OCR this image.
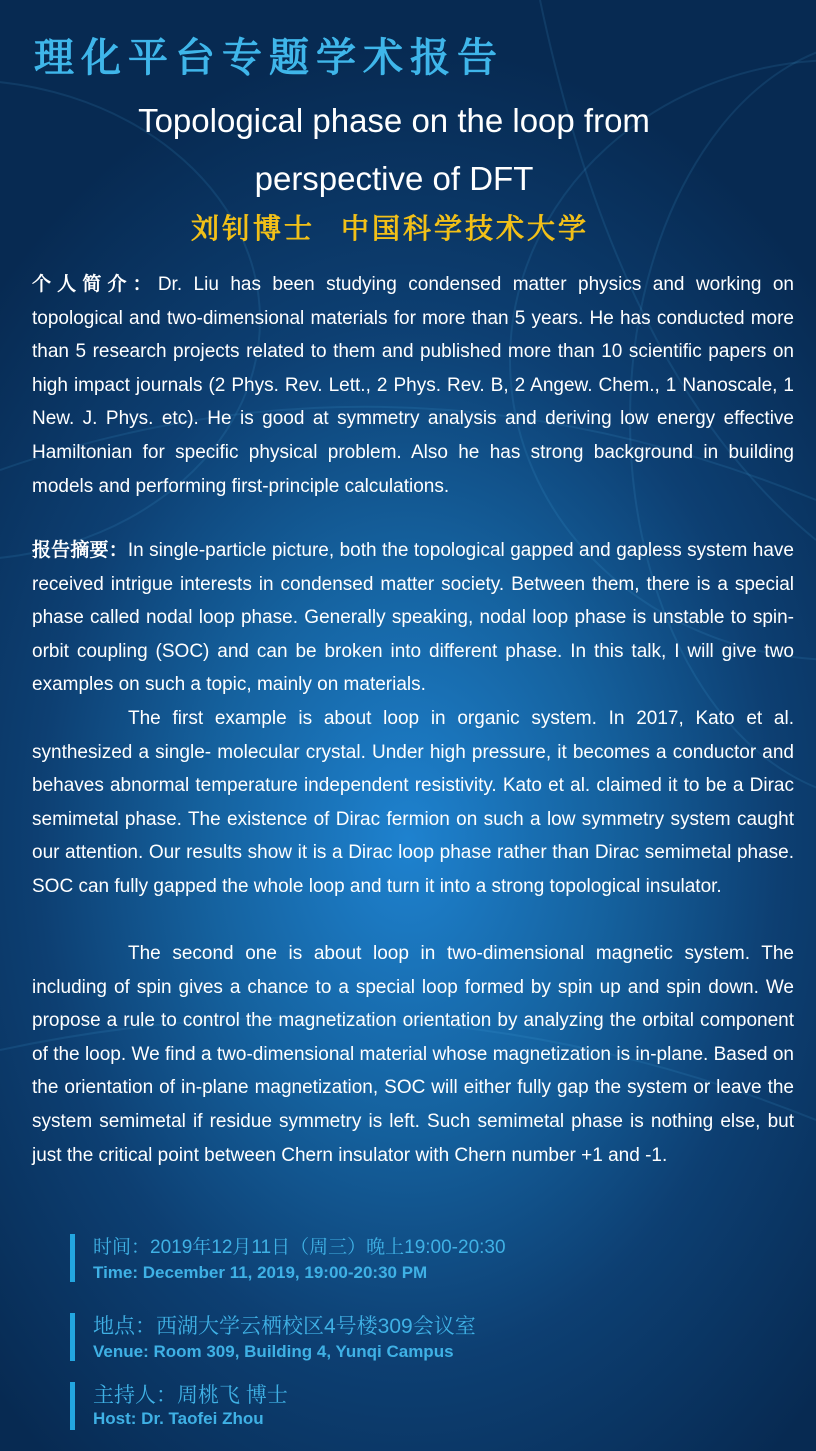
理化平台专题学术报告
Topological phase on the loop from
perspective of DFT
刘钊博士 中国科学技术大学

个人简介：Dr. Liu has been studying condensed matter physics and working on topological and two-dimensional materials for more than 5 years. He has conducted more than 5 research projects related to them and published more than 10 scientific papers on high impact journals (2 Phys. Rev. Lett., 2 Phys. Rev. B, 2 Angew. Chem., 1 Nanoscale, 1 New. J. Phys. etc). He is good at symmetry analysis and deriving low energy effective Hamiltonian for specific physical problem. Also he has strong background in building models and performing first-principle calculations.

报告摘要：In single-particle picture, both the topological gapped and gapless system have received intrigue interests in condensed matter society. Between them, there is a special phase called nodal loop phase. Generally speaking, nodal loop phase is unstable to spin-orbit coupling (SOC) and can be broken into different phase. In this talk, I will give two examples on such a topic, mainly on materials.

The first example is about loop in organic system. In 2017, Kato et al. synthesized a single- molecular crystal. Under high pressure, it becomes a conductor and behaves abnormal temperature independent resistivity. Kato et al. claimed it to be a Dirac semimetal phase. The existence of Dirac fermion on such a low symmetry system caught our attention. Our results show it is a Dirac loop phase rather than Dirac semimetal phase. SOC can fully gapped the whole loop and turn it into a strong topological insulator.

The second one is about loop in two-dimensional magnetic system. The including of spin gives a chance to a special loop formed by spin up and spin down. We propose a rule to control the magnetization orientation by analyzing the orbital component of the loop. We find a two-dimensional material whose magnetization is in-plane. Based on the orientation of in-plane magnetization, SOC will either fully gap the system or leave the system semimetal if residue symmetry is left. Such semimetal phase is nothing else, but just the critical point between Chern insulator with Chern number +1 and -1.

时间：2019年12月11日（周三）晚上19:00-20:30
Time: December 11, 2019, 19:00-20:30 PM
地点：西湖大学云栖校区4号楼309会议室
Venue: Room 309, Building 4, Yunqi Campus
主持人：周桃飞 博士
Host: Dr. Taofei Zhou
